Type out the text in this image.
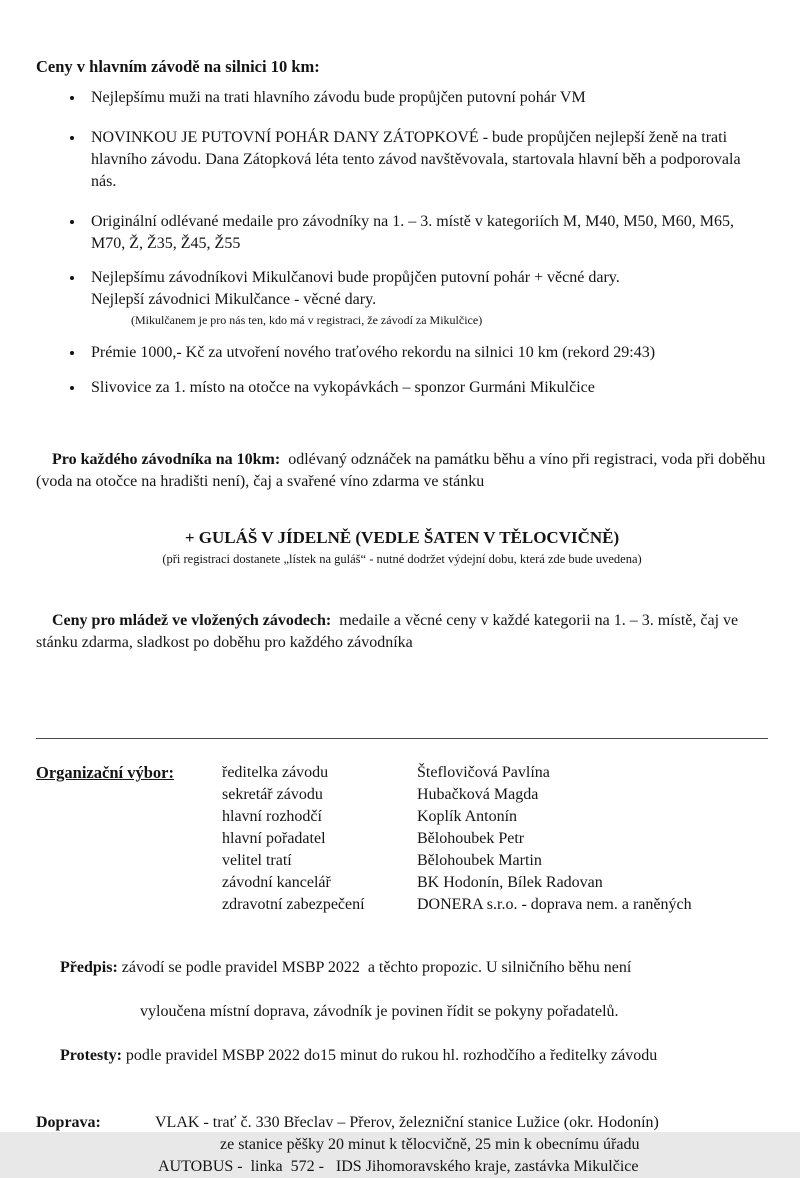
Ceny v hlavním závodě na silnici 10 km:
• Nejlepšímu muži na trati hlavního závodu bude propůjčen putovní pohár VM
• NOVINKOU JE PUTOVNÍ POHÁR DANY ZÁTOPKOVÉ - bude propůjčen nejlepší ženě na trati hlavního závodu. Dana Zátopková léta tento závod navštěvovala, startovala hlavní běh a podporovala nás.
• Originální odlévané medaile pro závodníky na 1. – 3. místě v kategoriích M, M40, M50, M60, M65, M70, Ž, Ž35, Ž45, Ž55
• Nejlepšímu závodníkovi Mikulčanovi bude propůjčen putovní pohár + věcné dary.
Nejlepší závodnici Mikulčance - věcné dary.
(Mikulčanem je pro nás ten, kdo má v registraci, že závodí za Mikulčice)
• Prémie 1000,- Kč za utvoření nového traťového rekordu na silnici 10 km (rekord 29:43)
• Slivovice za 1. místo na otočce na vykopávkách – sponzor Gurmáni Mikulčice

Pro každého závodníka na 10km:  odlévaný odznáček na památku běhu a víno při registraci, voda při doběhu (voda na otočce na hradišti není), čaj a svařené víno zdarma ve stánku

+ GULÁŠ V JÍDELNĚ (VEDLE ŠATEN V TĚLOCVIČNĚ)
(při registraci dostanete „lístek na guláš“ - nutné dodržet výdejní dobu, která zde bude uvedena)

Ceny pro mládež ve vložených závodech:  medaile a věcné ceny v každé kategorii na 1. – 3. místě, čaj ve stánku zdarma, sladkost po doběhu pro každého závodníka

Organizační výbor:	ředitelka závodu	Šteflovičová Pavlína
sekretář závodu	Hubačková Magda
hlavní rozhodčí	Koplík Antonín
hlavní pořadatel	Bělohoubek Petr
velitel tratí	Bělohoubek Martin
závodní kancelář	BK Hodonín, Bílek Radovan
zdravotní zabezpečení	DONERA s.r.o. - doprava nem. a raněných

Předpis: závodí se podle pravidel MSBP 2022  a těchto propozic. U silničního běhu není

vyloučena místní doprava, závodník je povinen řídit se pokyny pořadatelů.

Protesty: podle pravidel MSBP 2022 do15 minut do rukou hl. rozhodčího a ředitelky závodu

Doprava:	VLAK - trať č. 330 Břeclav – Přerov, železniční stanice Lužice (okr. Hodonín)
ze stanice pěšky 20 minut k tělocvičně, 25 min k obecnímu úřadu
AUTOBUS -  linka  572 -   IDS Jihomoravského kraje, zastávka Mikulčice
